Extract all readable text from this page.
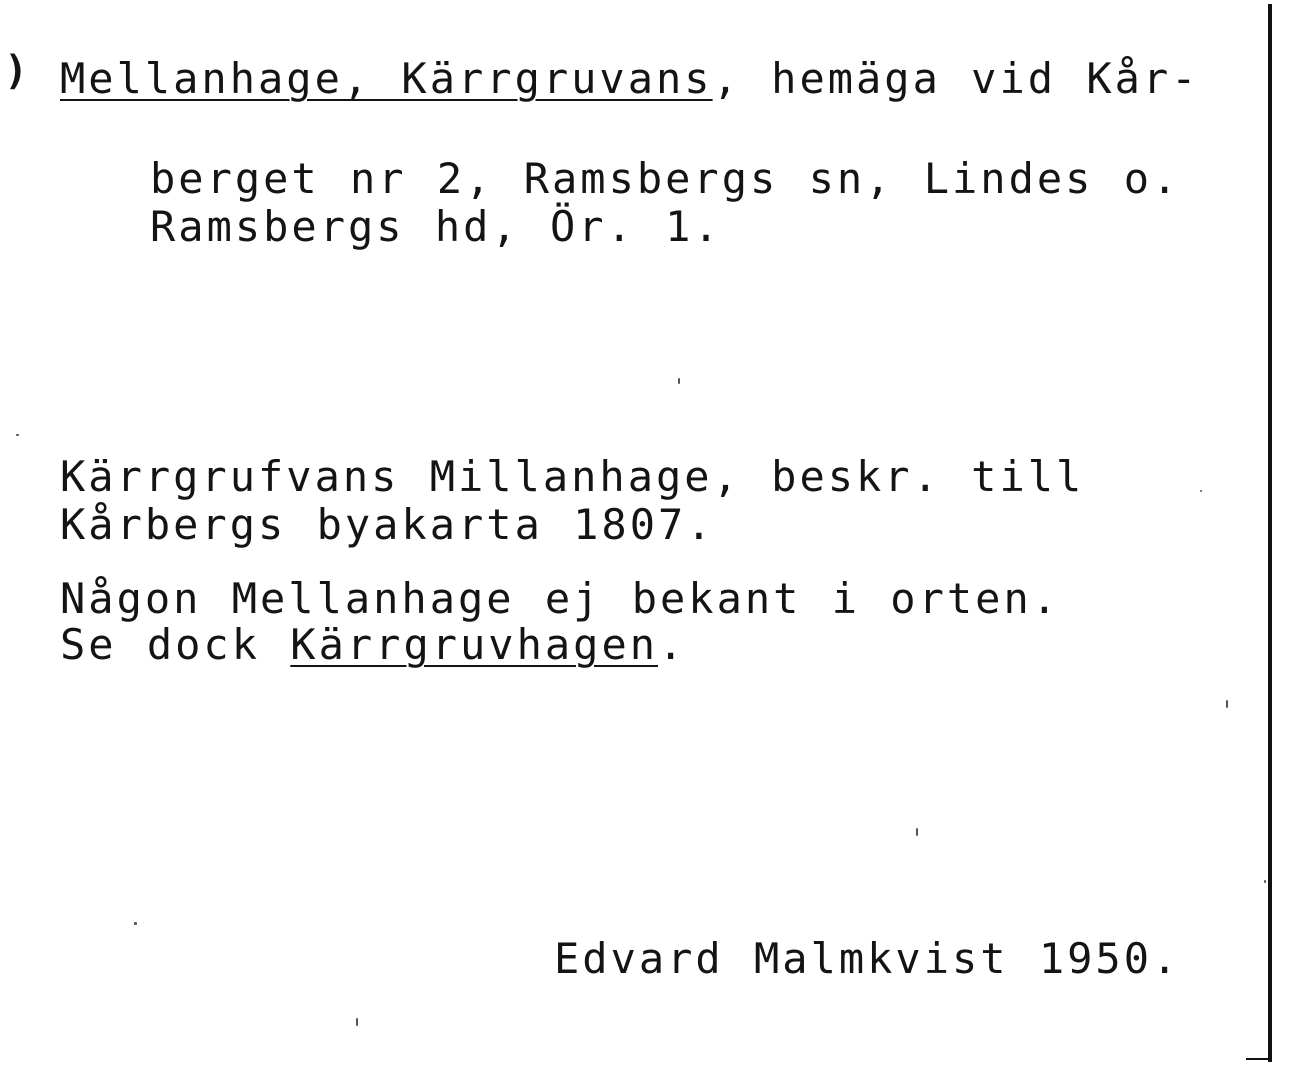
) Mellanhage, Kärrgruvans, hemäga vid Kår-
berget nr 2, Ramsbergs sn, Lindes o.
Ramsbergs hd, Ör. 1.
Kärrgrufvans Millanhage, beskr. till
Kårbergs byakarta 1807.
Någon Mellanhage ej bekant i orten.
Se dock Kärrgruvhagen.
Edvard Malmkvist 1950.
